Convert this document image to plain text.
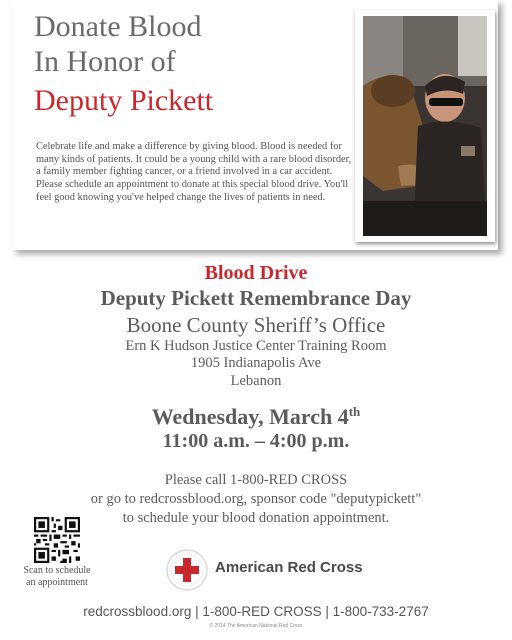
Donate Blood
In Honor of
Deputy Pickett
Celebrate life and make a difference by giving blood. Blood is needed for many kinds of patients. It could be a young child with a rare blood disorder, a family member fighting cancer, or a friend involved in a car accident. Please schedule an appointment to donate at this special blood drive. You'll feel good knowing you've helped change the lives of patients in need.
Blood Drive
Deputy Pickett Remembrance Day
Boone County Sheriff’s Office
Ern K Hudson Justice Center Training Room
1905 Indianapolis Ave
Lebanon
Wednesday, March 4th
11:00 a.m. – 4:00 p.m.
Please call 1-800-RED CROSS
or go to redcrossblood.org, sponsor code "deputypickett"
to schedule your blood donation appointment.
Scan to schedule an appointment
American Red Cross
redcrossblood.org | 1-800-RED CROSS | 1-800-733-2767
© 2014 The American National Red Cross
